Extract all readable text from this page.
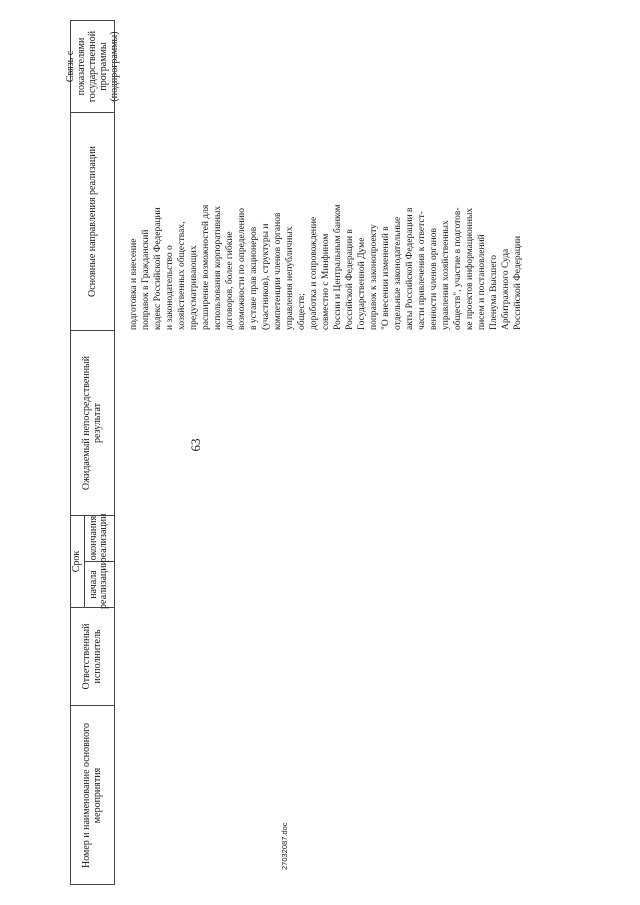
Номер и наименование основного мероприятия
Ответственный исполнитель
Срок
начала реализации
окончания реализации
Ожидаемый непосредственный результат
Основные направления реализации
Связь с показателями государственной программы (подпрограммы)
63
подготовка и внесение поправок в Гражданский кодекс Российской Федерации и законодательство о хозяйственных обществах, предусматривающих расширение возможностей для использования корпоративных договоров, более гибкие возможности по определению в уставе прав акционеров (участников), структуры и компетенции членов органов управления непубличных обществ; доработка и сопровождение совместно с Минфином России и Центральным банком Российской Федерации в Государственной Думе поправок к законопроекту "О внесении изменений в отдельные законодательные акты Российской Федерации в части привлечения к ответст- венности членов органов управления хозяйственных обществ", участие в подготов- ке проектов информационных писем и постановлений Пленума Высшего Арбитражного Суда Российской Федерации
27032087.doc
